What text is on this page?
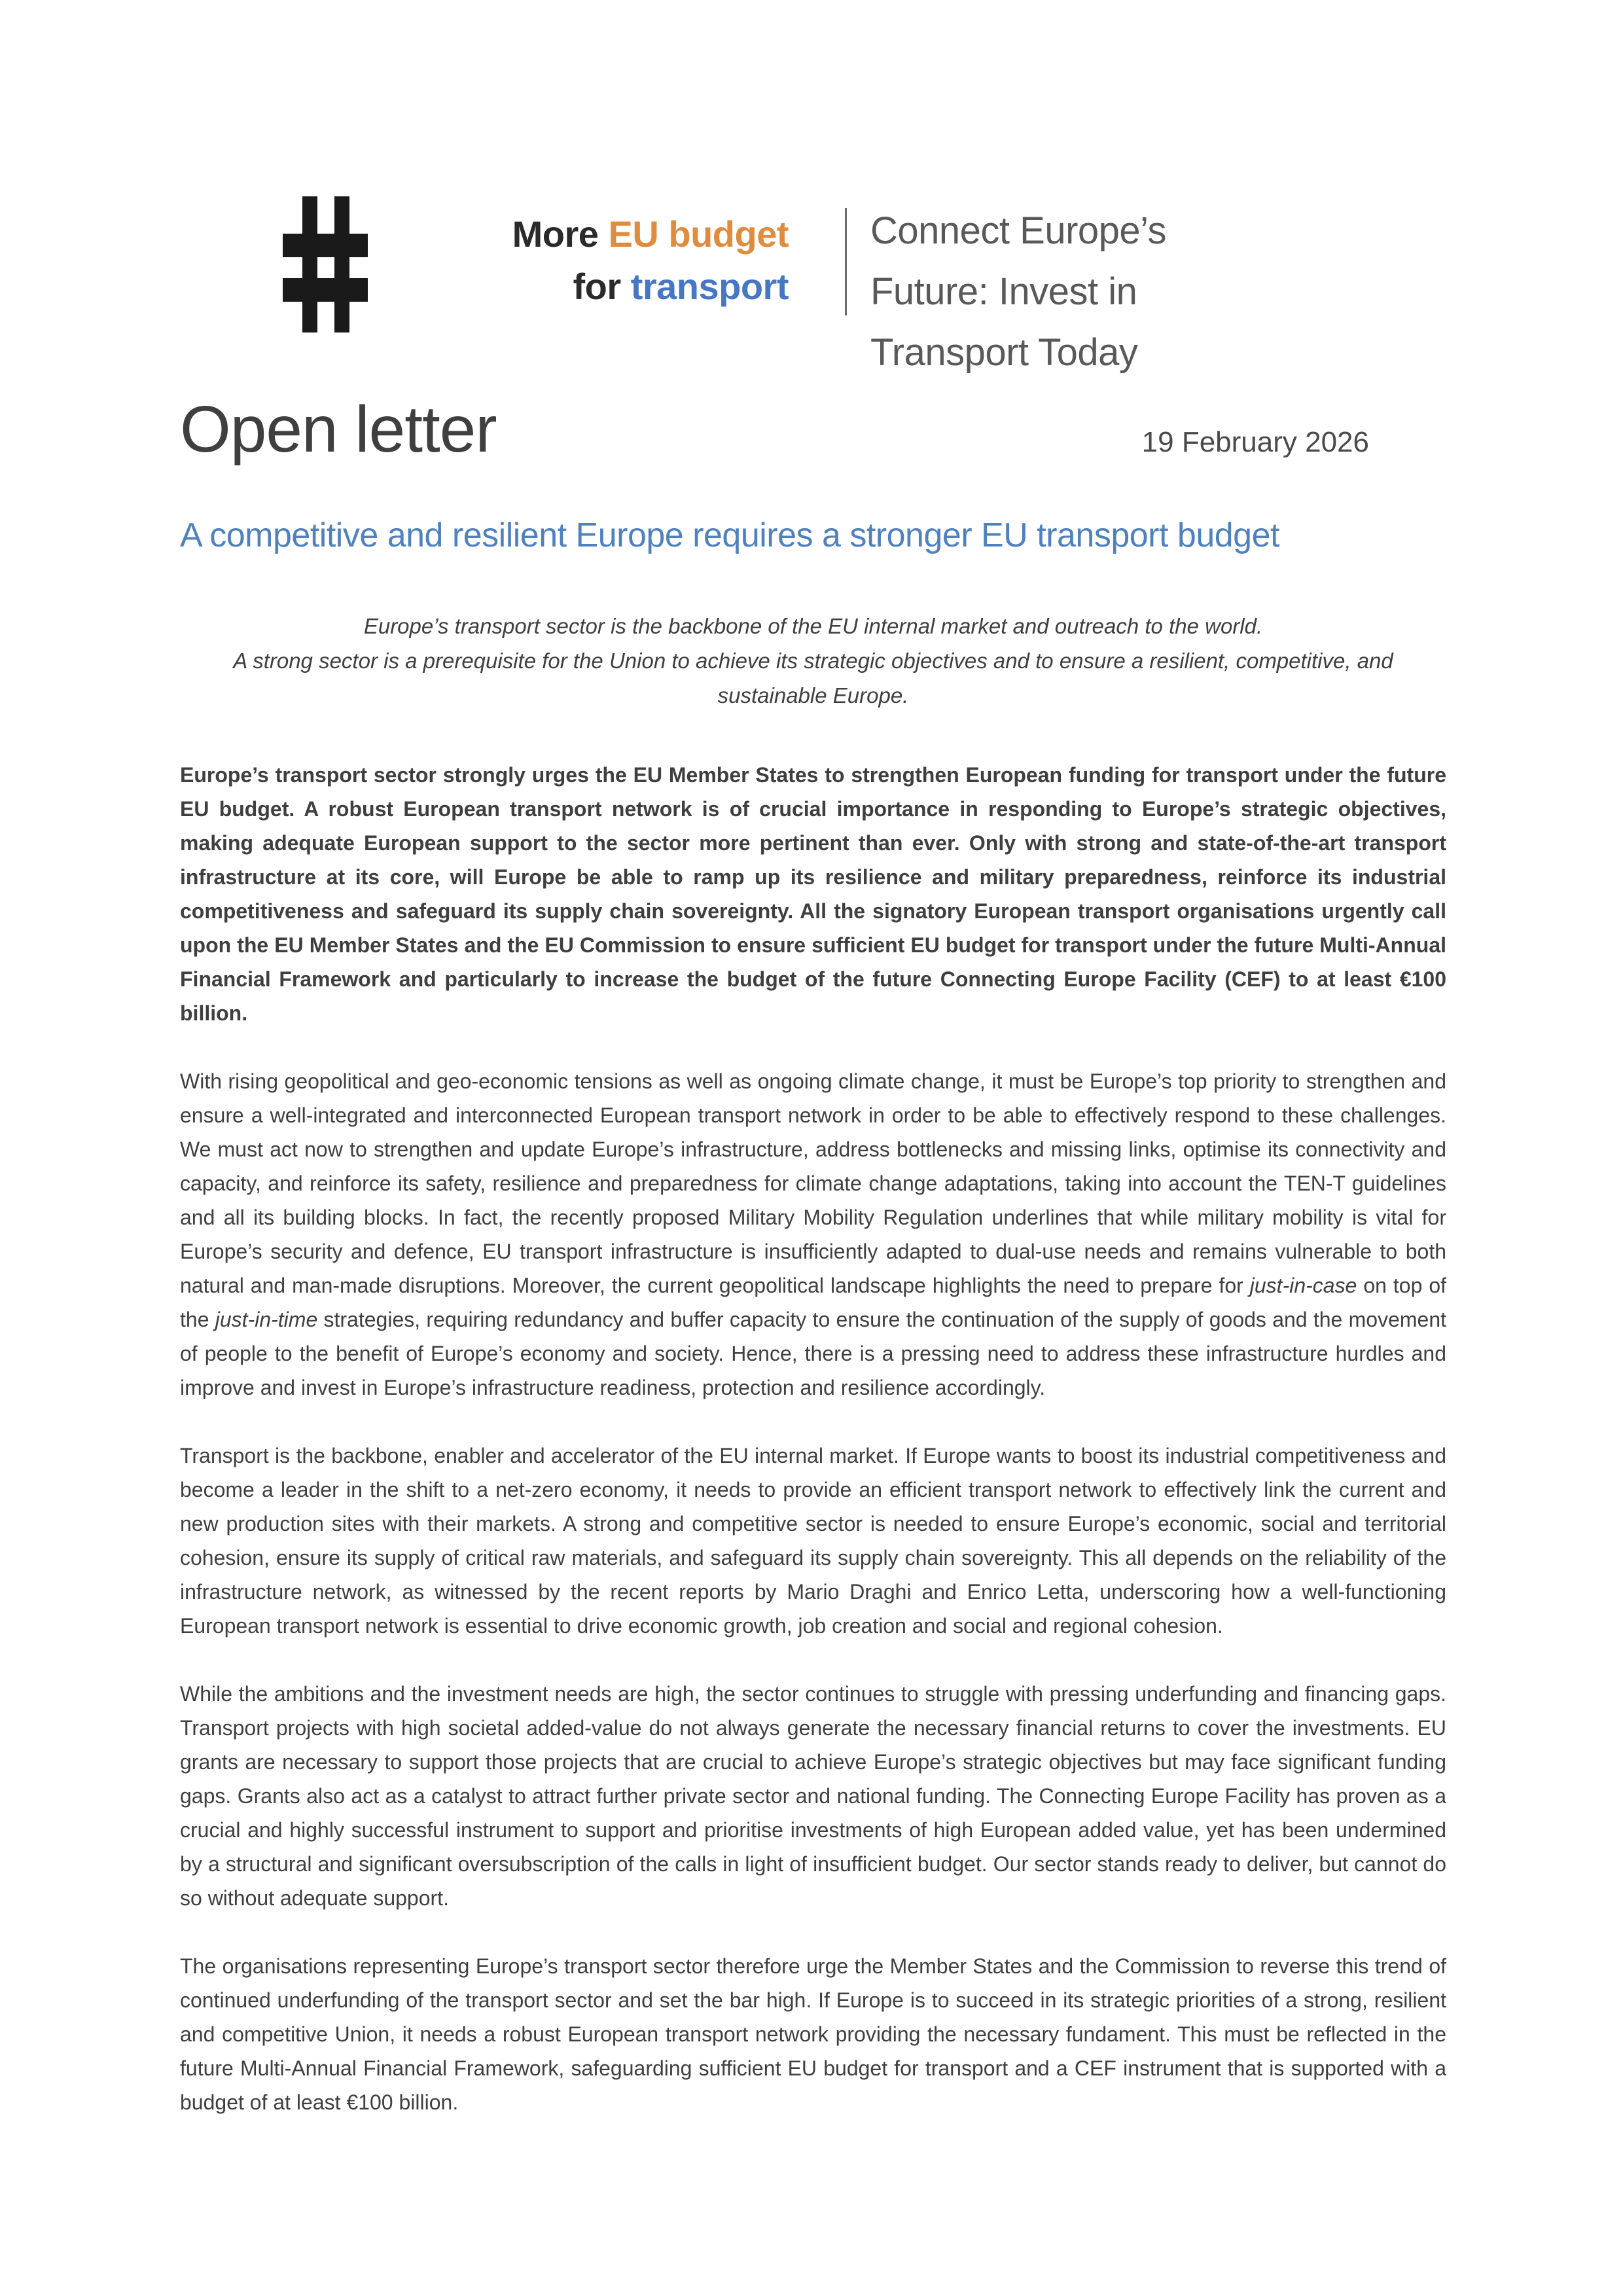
More EU budget
for transport
Connect Europe’s
Future: Invest in
Transport Today
Open letter	19 February 2026
A competitive and resilient Europe requires a stronger EU transport budget
Europe’s transport sector is the backbone of the EU internal market and outreach to the world.
A strong sector is a prerequisite for the Union to achieve its strategic objectives and to ensure a resilient, competitive, and sustainable Europe.

Europe’s transport sector strongly urges the EU Member States to strengthen European funding for transport under the future EU budget. A robust European transport network is of crucial importance in responding to Europe’s strategic objectives, making adequate European support to the sector more pertinent than ever. Only with strong and state-of-the-art transport infrastructure at its core, will Europe be able to ramp up its resilience and military preparedness, reinforce its industrial competitiveness and safeguard its supply chain sovereignty. All the signatory European transport organisations urgently call upon the EU Member States and the EU Commission to ensure sufficient EU budget for transport under the future Multi-Annual Financial Framework and particularly to increase the budget of the future Connecting Europe Facility (CEF) to at least €100 billion.

With rising geopolitical and geo-economic tensions as well as ongoing climate change, it must be Europe’s top priority to strengthen and ensure a well-integrated and interconnected European transport network in order to be able to effectively respond to these challenges. We must act now to strengthen and update Europe’s infrastructure, address bottlenecks and missing links, optimise its connectivity and capacity, and reinforce its safety, resilience and preparedness for climate change adaptations, taking into account the TEN-T guidelines and all its building blocks. In fact, the recently proposed Military Mobility Regulation underlines that while military mobility is vital for Europe’s security and defence, EU transport infrastructure is insufficiently adapted to dual-use needs and remains vulnerable to both natural and man-made disruptions. Moreover, the current geopolitical landscape highlights the need to prepare for just-in-case on top of the just-in-time strategies, requiring redundancy and buffer capacity to ensure the continuation of the supply of goods and the movement of people to the benefit of Europe’s economy and society. Hence, there is a pressing need to address these infrastructure hurdles and improve and invest in Europe’s infrastructure readiness, protection and resilience accordingly.

Transport is the backbone, enabler and accelerator of the EU internal market. If Europe wants to boost its industrial competitiveness and become a leader in the shift to a net-zero economy, it needs to provide an efficient transport network to effectively link the current and new production sites with their markets. A strong and competitive sector is needed to ensure Europe’s economic, social and territorial cohesion, ensure its supply of critical raw materials, and safeguard its supply chain sovereignty. This all depends on the reliability of the infrastructure network, as witnessed by the recent reports by Mario Draghi and Enrico Letta, underscoring how a well-functioning European transport network is essential to drive economic growth, job creation and social and regional cohesion.

While the ambitions and the investment needs are high, the sector continues to struggle with pressing underfunding and financing gaps. Transport projects with high societal added-value do not always generate the necessary financial returns to cover the investments. EU grants are necessary to support those projects that are crucial to achieve Europe’s strategic objectives but may face significant funding gaps. Grants also act as a catalyst to attract further private sector and national funding. The Connecting Europe Facility has proven as a crucial and highly successful instrument to support and prioritise investments of high European added value, yet has been undermined by a structural and significant oversubscription of the calls in light of insufficient budget. Our sector stands ready to deliver, but cannot do so without adequate support.

The organisations representing Europe’s transport sector therefore urge the Member States and the Commission to reverse this trend of continued underfunding of the transport sector and set the bar high. If Europe is to succeed in its strategic priorities of a strong, resilient and competitive Union, it needs a robust European transport network providing the necessary fundament. This must be reflected in the future Multi-Annual Financial Framework, safeguarding sufficient EU budget for transport and a CEF instrument that is supported with a budget of at least €100 billion.
